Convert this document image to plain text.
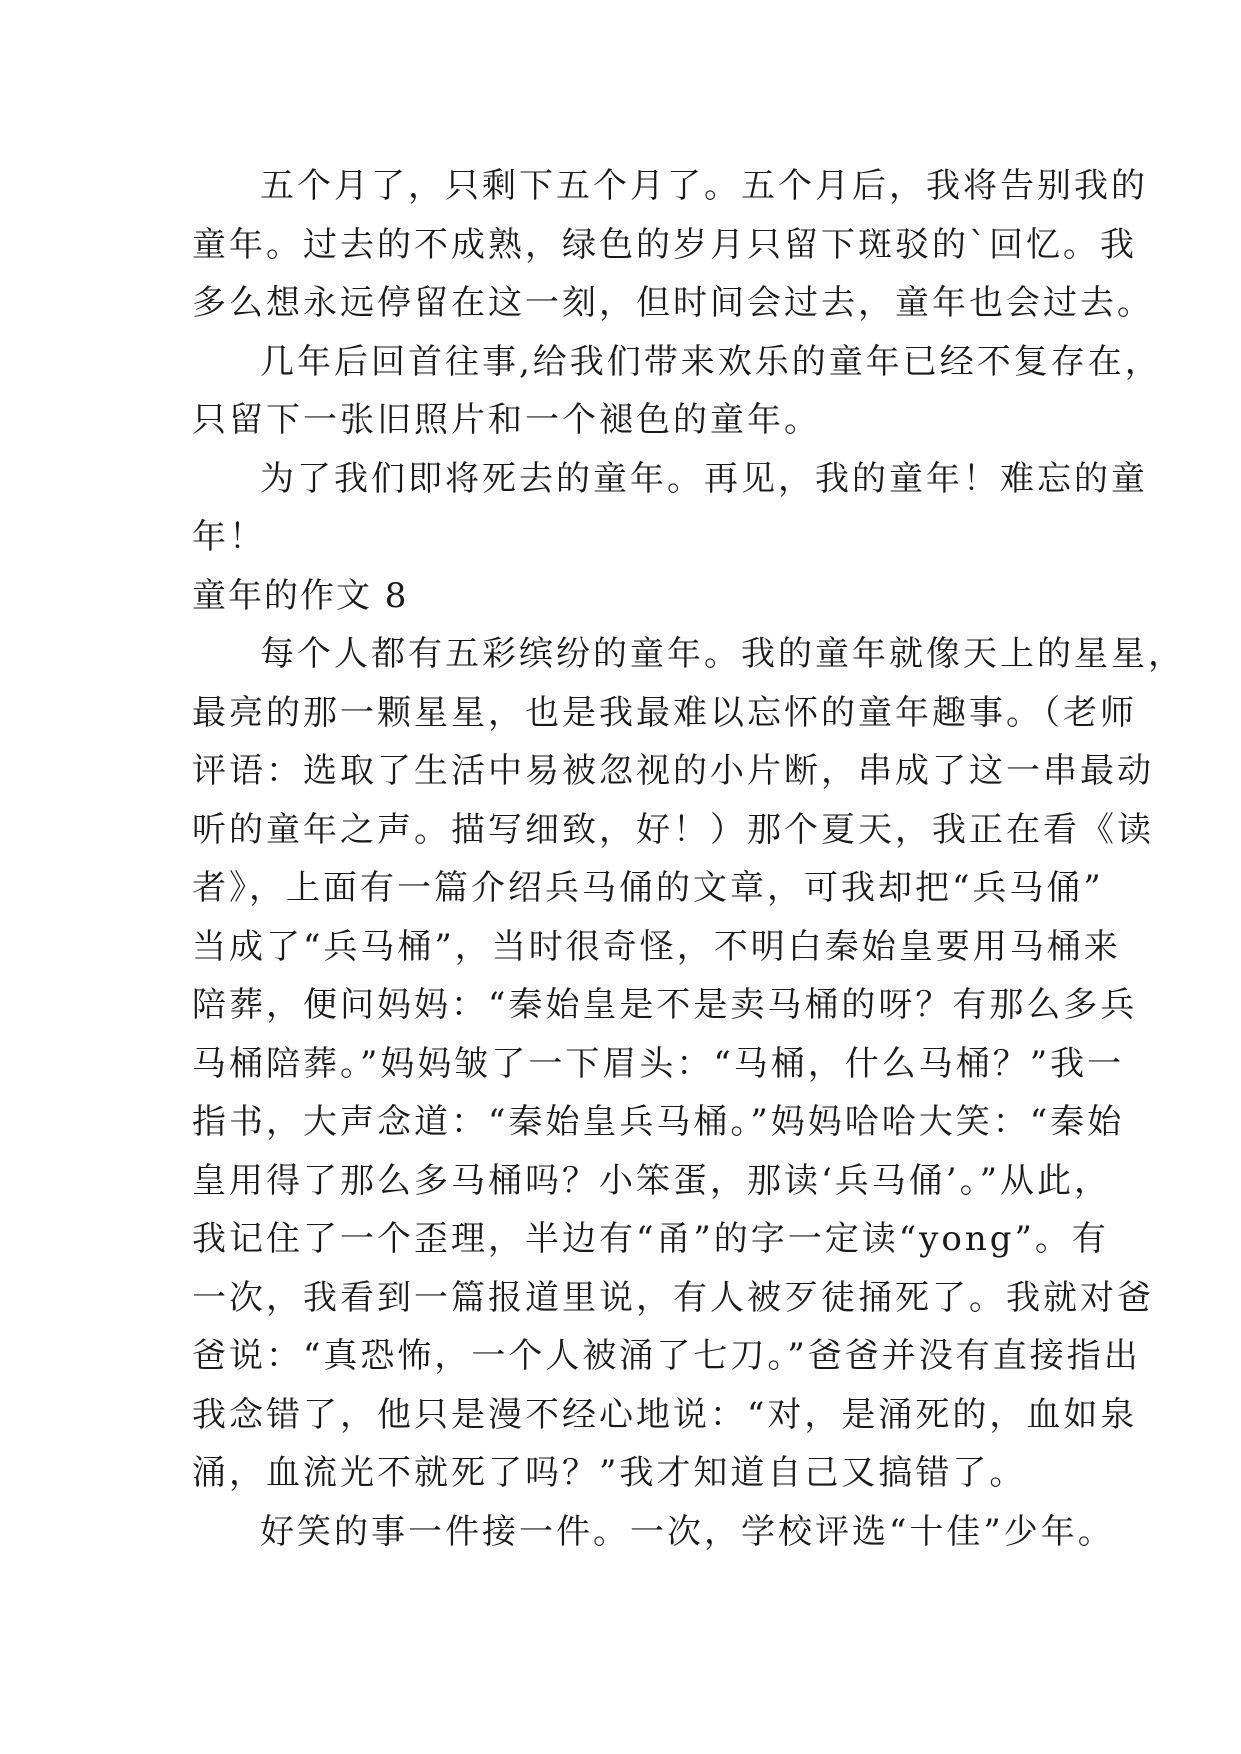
五个月了，只剩下五个月了。五个月后，我将告别我的
童年。过去的不成熟，绿色的岁月只留下斑驳的`回忆。我
多么想永远停留在这一刻，但时间会过去，童年也会过去。
几年后回首往事,给我们带来欢乐的童年已经不复存在，
只留下一张旧照片和一个褪色的童年。
为了我们即将死去的童年。再见，我的童年！难忘的童
年！
童年的作文 8
每个人都有五彩缤纷的童年。我的童年就像天上的星星，
最亮的那一颗星星，也是我最难以忘怀的童年趣事。（老师
评语：选取了生活中易被忽视的小片断，串成了这一串最动
听的童年之声。描写细致，好！）那个夏天，我正在看《读
者》，上面有一篇介绍兵马俑的文章，可我却把“兵马俑”
当成了“兵马桶”，当时很奇怪，不明白秦始皇要用马桶来
陪葬，便问妈妈：“秦始皇是不是卖马桶的呀？有那么多兵
马桶陪葬。”妈妈皱了一下眉头：“马桶，什么马桶？”我一
指书，大声念道：“秦始皇兵马桶。”妈妈哈哈大笑：“秦始
皇用得了那么多马桶吗？小笨蛋，那读‘兵马俑’。”从此，
我记住了一个歪理，半边有“甬”的字一定读“yong”。有
一次，我看到一篇报道里说，有人被歹徒捅死了。我就对爸
爸说：“真恐怖，一个人被涌了七刀。”爸爸并没有直接指出
我念错了，他只是漫不经心地说：“对，是涌死的，血如泉
涌，血流光不就死了吗？”我才知道自己又搞错了。
好笑的事一件接一件。一次，学校评选“十佳”少年。
